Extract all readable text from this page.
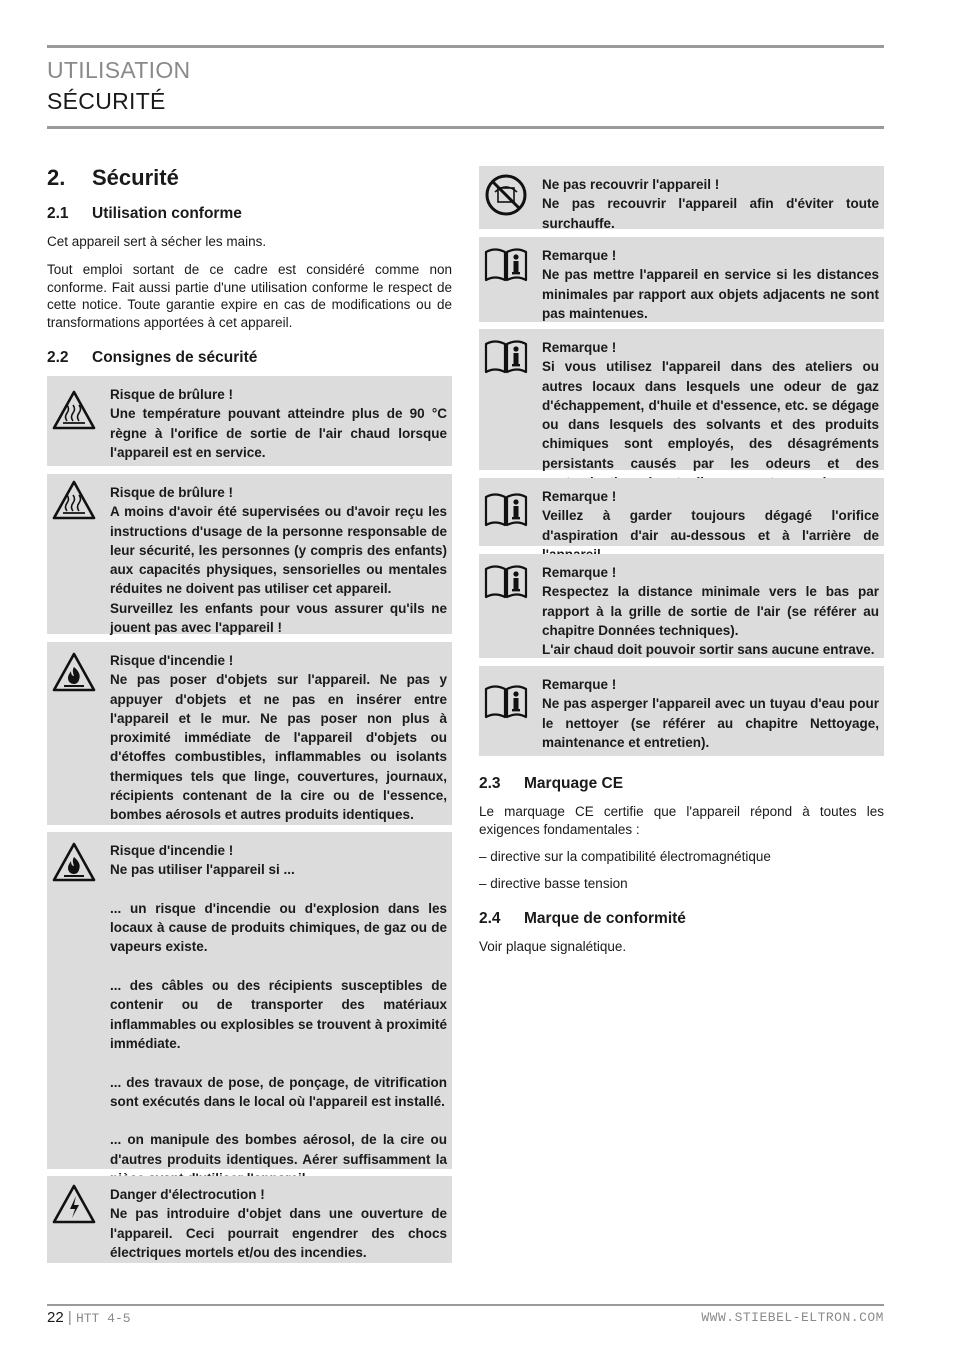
UTILISATION
SÉCURITÉ
2. Sécurité
2.1 Utilisation conforme
Cet appareil sert à sécher les mains.
Tout emploi sortant de ce cadre est considéré comme non conforme. Fait aussi partie d'une utilisation conforme le respect de cette notice. Toute garantie expire en cas de modifications ou de transformations apportées à cet appareil.
2.2 Consignes de sécurité
Risque de brûlure !
Une température pouvant atteindre plus de 90 °C règne à l'orifice de sortie de l'air chaud lorsque l'appareil est en service.
Risque de brûlure !
A moins d'avoir été supervisées ou d'avoir reçu les instructions d'usage de la personne responsable de leur sécurité, les personnes (y compris des enfants) aux capacités physiques, sensorielles ou mentales réduites ne doivent pas utiliser cet appareil.
Surveillez les enfants pour vous assurer qu'ils ne jouent pas avec l'appareil !
Risque d'incendie !
Ne pas poser d'objets sur l'appareil. Ne pas y appuyer d'objets et ne pas en insérer entre l'appareil et le mur. Ne pas poser non plus à proximité immédiate de l'appareil d'objets ou d'étoffes combustibles, inflammables ou isolants thermiques tels que linge, couvertures, journaux, récipients contenant de la cire ou de l'essence, bombes aérosols et autres produits identiques.
Risque d'incendie !
Ne pas utiliser l'appareil si ...
... un risque d'incendie ou d'explosion dans les locaux à cause de produits chimiques, de gaz ou de vapeurs existe.
... des câbles ou des récipients susceptibles de contenir ou de transporter des matériaux inflammables ou explosibles se trouvent à proximité immédiate.
... des travaux de pose, de ponçage, de vitrification sont exécutés dans le local où l'appareil est installé.
... on manipule des bombes aérosol, de la cire ou d'autres produits identiques. Aérer suffisamment la
Danger d'électrocution !
Ne pas introduire d'objet dans une ouverture de l'appareil. Ceci pourrait engendrer des chocs électriques mortels et/ou des incendies.
Ne pas recouvrir l'appareil !
Ne pas recouvrir l'appareil afin d'éviter toute surchauffe.
Remarque !
Ne pas mettre l'appareil en service si les distances minimales par rapport aux objets adjacents ne sont pas maintenues.
Remarque !
Si vous utilisez l'appareil dans des ateliers ou autres locaux dans lesquels une odeur de gaz d'échappement, d'huile et d'essence, etc. se dégage ou dans lesquels des solvants et des produits chimiques sont employés, des désagréments persistants causés par les odeurs et des
Remarque !
Veillez à garder toujours dégagé l'orifice d'aspiration d'air au-dessous et à l'arrière de
Remarque !
Respectez la distance minimale vers le bas par rapport à la grille de sortie de l'air (se référer au chapitre Données techniques).
L'air chaud doit pouvoir sortir sans aucune entrave.
Remarque !
Ne pas asperger l'appareil avec un tuyau d'eau pour le nettoyer (se référer au chapitre Nettoyage, maintenance et entretien).
2.3 Marquage CE
Le marquage CE certifie que l'appareil répond à toutes les exigences fondamentales :
– directive sur la compatibilité électromagnétique
– directive basse tension
2.4 Marque de conformité
Voir plaque signalétique.
22 | HTT 4-5	WWW.STIEBEL-ELTRON.COM
